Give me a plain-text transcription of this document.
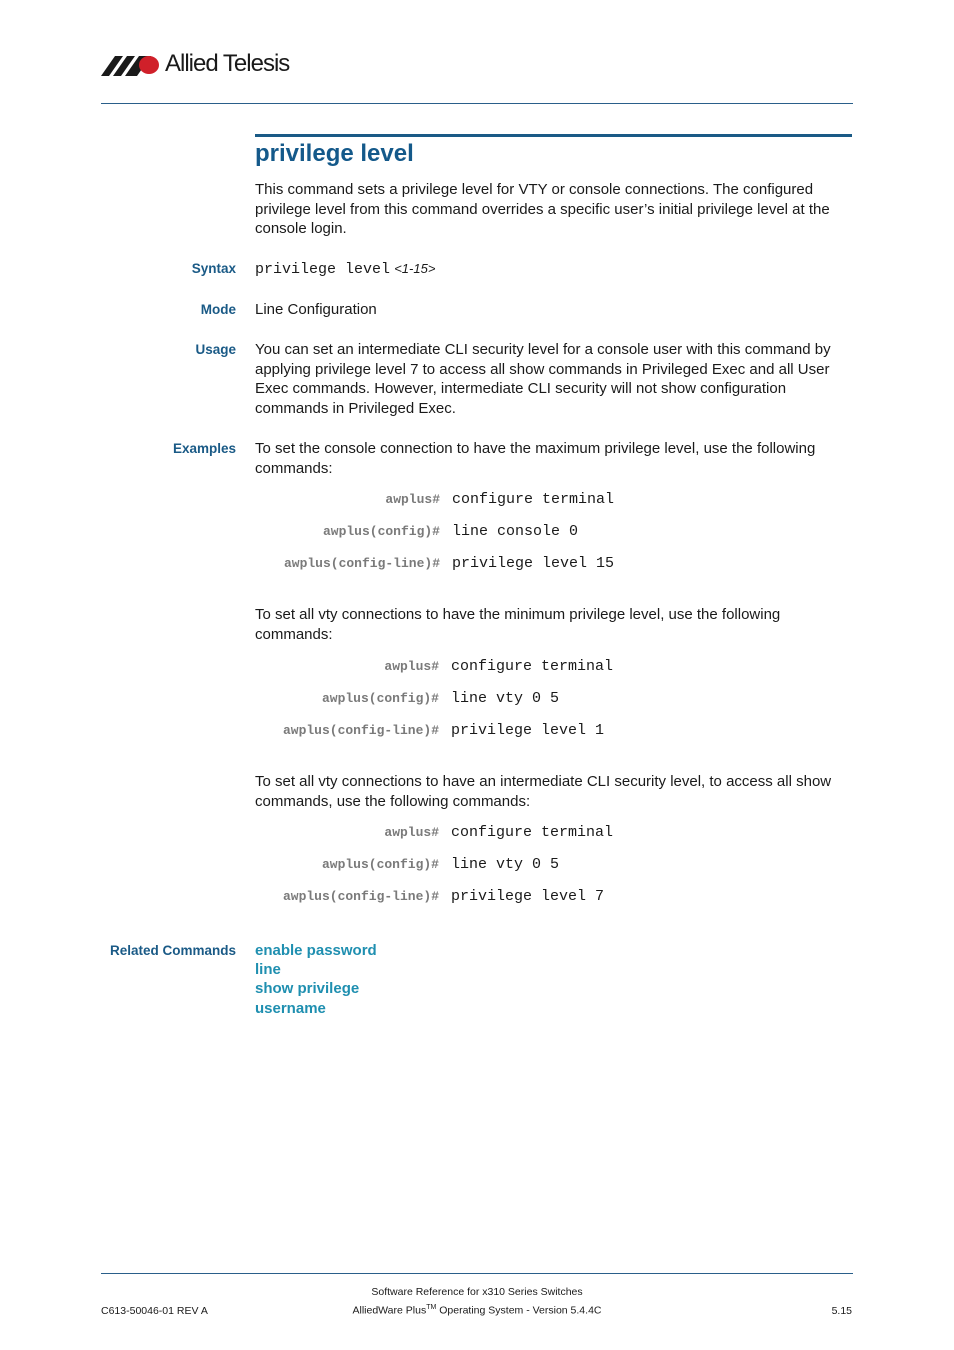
Allied Telesis
privilege level

This command sets a privilege level for VTY or console connections. The configured privilege level from this command overrides a specific user’s initial privilege level at the console login.

Syntax privilege level <1-15>
Mode Line Configuration

Usage You can set an intermediate CLI security level for a console user with this command by applying privilege level 7 to access all show commands in Privileged Exec and all User Exec commands. However, intermediate CLI security will not show configuration commands in Privileged Exec.

Examples To set the console connection to have the maximum privilege level, use the following commands:

awplus# configure terminal
awplus(config)# line console 0
awplus(config-line)# privilege level 15

To set all vty connections to have the minimum privilege level, use the following commands:

awplus# configure terminal
awplus(config)# line vty 0 5
awplus(config-line)# privilege level 1

To set all vty connections to have an intermediate CLI security level, to access all show commands, use the following commands:

awplus# configure terminal
awplus(config)# line vty 0 5
awplus(config-line)# privilege level 7
Related Commands enable password
line
show privilege
username
C613-50046-01 REV A
Software Reference for x310 Series Switches
AlliedWare Plus™ Operating System - Version 5.4.4C	5.15
